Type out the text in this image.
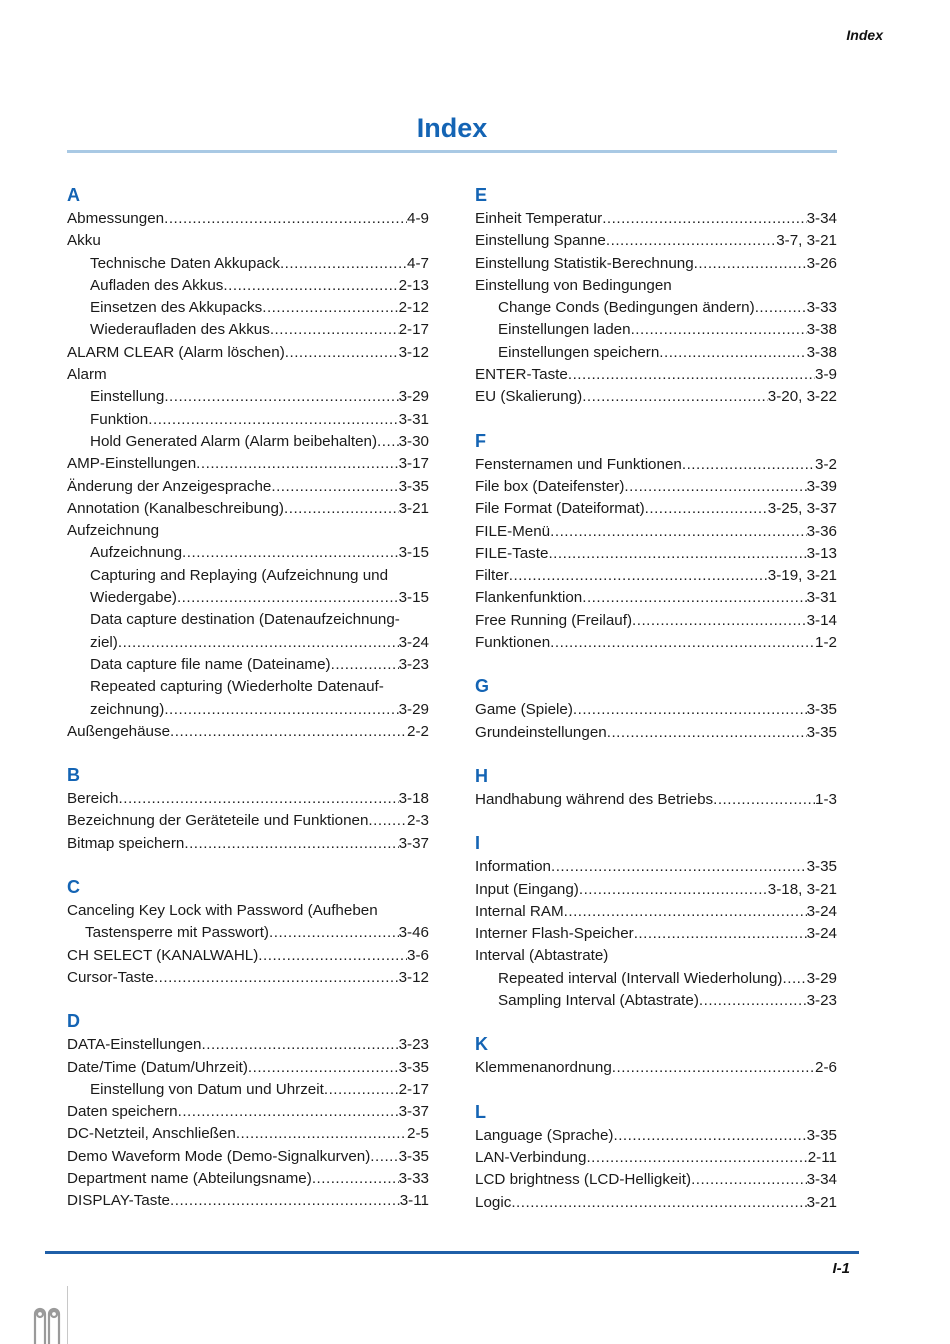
Index
Index
A
Abmessungen .....	4-9
Akku
Technische Daten Akkupack .....	4-7
Aufladen des Akkus .....	2-13
Einsetzen des Akkupacks .....	2-12
Wiederaufladen des Akkus .....	2-17
ALARM CLEAR (Alarm löschen) .....	3-12
Alarm
Einstellung .....	3-29
Funktion .....	3-31
Hold Generated Alarm (Alarm beibehalten) ..... 3-30
AMP-Einstellungen .....	3-17
Änderung der Anzeigesprache .....	3-35
Annotation (Kanalbeschreibung) .....	3-21
Aufzeichnung
Aufzeichnung .....	3-15
Capturing and Replaying (Aufzeichnung und
Wiedergabe) .....	3-15
Data capture destination (Datenaufzeichnung-
ziel) .....	3-24
Data capture file name (Dateiname) .....	3-23
Repeated capturing (Wiederholte Datenauf-
zeichnung) .....	3-29
Außengehäuse .....	2-2
B
Bereich .....	3-18
Bezeichnung der Geräteteile und Funktionen .....	2-3
Bitmap speichern .....	3-37
C
Canceling Key Lock with Password (Aufheben
Tastensperre mit Passwort) .....	3-46
CH SELECT (KANALWAHL) .....	3-6
Cursor-Taste .....	3-12
D
DATA-Einstellungen .....	3-23
Date/Time (Datum/Uhrzeit) .....	3-35
Einstellung von Datum und Uhrzeit .....	2-17
Daten speichern .....	3-37
DC-Netzteil, Anschließen .....	2-5
Demo Waveform Mode (Demo-Signalkurven) ..... 3-35
Department name (Abteilungsname) .....	3-33
DISPLAY-Taste .....	3-11
E
Einheit Temperatur .....	3-34
Einstellung Spanne .....	3-7, 3-21
Einstellung Statistik-Berechnung .....	3-26
Einstellung von Bedingungen
Change Conds (Bedingungen ändern) .....	3-33
Einstellungen laden .....	3-38
Einstellungen speichern .....	3-38
ENTER-Taste .....	3-9
EU (Skalierung) .....	3-20, 3-22
F
Fensternamen und Funktionen .....	3-2
File box (Dateifenster) .....	3-39
File Format (Dateiformat) .....	3-25, 3-37
FILE-Menü .....	3-36
FILE-Taste .....	3-13
Filter .....	3-19, 3-21
Flankenfunktion .....	3-31
Free Running (Freilauf) .....	3-14
Funktionen .....	1-2
G
Game (Spiele) .....	3-35
Grundeinstellungen .....	3-35
H
Handhabung während des Betriebs .....	1-3
I
Information .....	3-35
Input (Eingang) .....	3-18, 3-21
Internal RAM .....	3-24
Interner Flash-Speicher .....	3-24
Interval (Abtastrate)
Repeated interval (Intervall Wiederholung) ..... 3-29
Sampling Interval (Abtastrate) .....	3-23
K
Klemmenanordnung .....	2-6
L
Language (Sprache) .....	3-35
LAN-Verbindung .....	2-11
LCD brightness (LCD-Helligkeit) .....	3-34
Logic .....	3-21
I-1
